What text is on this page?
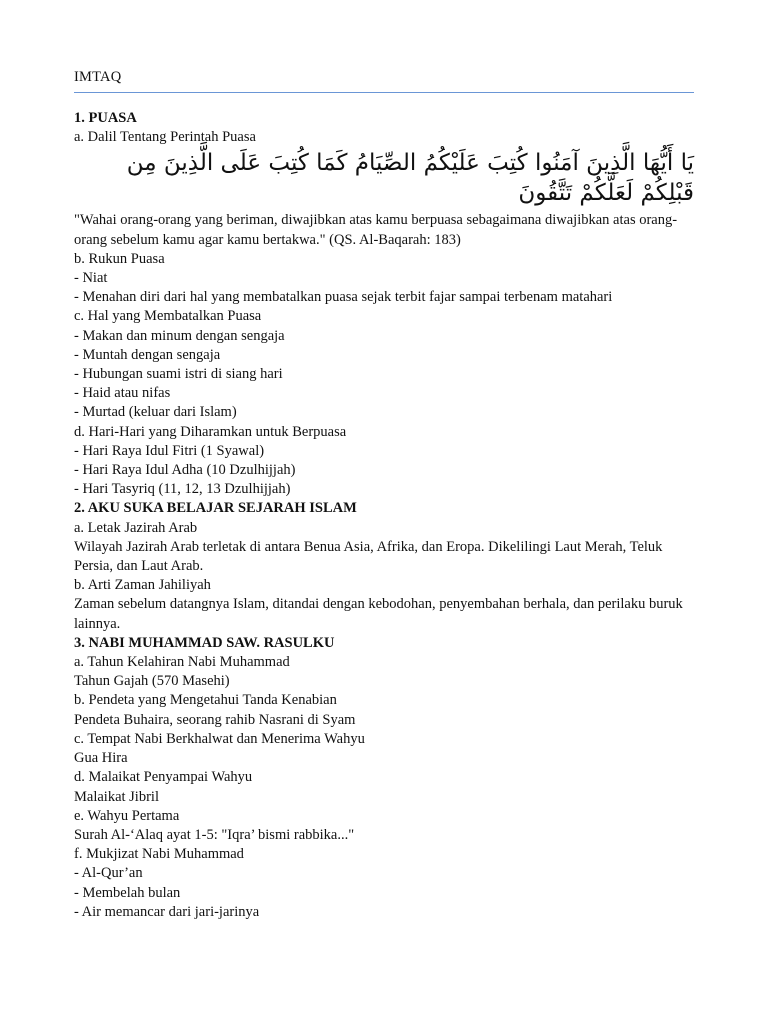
IMTAQ
1. PUASA
a. Dalil Tentang Perintah Puasa
يَا أَيُّهَا الَّذِينَ آمَنُوا كُتِبَ عَلَيْكُمُ الصِّيَامُ كَمَا كُتِبَ عَلَى الَّذِينَ مِن قَبْلِكُمْ لَعَلَّكُمْ تَتَّقُونَ
"Wahai orang-orang yang beriman, diwajibkan atas kamu berpuasa sebagaimana diwajibkan atas orang-orang sebelum kamu agar kamu bertakwa." (QS. Al-Baqarah: 183)
b. Rukun Puasa
- Niat
- Menahan diri dari hal yang membatalkan puasa sejak terbit fajar sampai terbenam matahari
c. Hal yang Membatalkan Puasa
- Makan dan minum dengan sengaja
- Muntah dengan sengaja
- Hubungan suami istri di siang hari
- Haid atau nifas
- Murtad (keluar dari Islam)
d. Hari-Hari yang Diharamkan untuk Berpuasa
- Hari Raya Idul Fitri (1 Syawal)
- Hari Raya Idul Adha (10 Dzulhijjah)
- Hari Tasyriq (11, 12, 13 Dzulhijjah)
2. AKU SUKA BELAJAR SEJARAH ISLAM
a. Letak Jazirah Arab
Wilayah Jazirah Arab terletak di antara Benua Asia, Afrika, dan Eropa. Dikelilingi Laut Merah, Teluk Persia, dan Laut Arab.
b. Arti Zaman Jahiliyah
Zaman sebelum datangnya Islam, ditandai dengan kebodohan, penyembahan berhala, dan perilaku buruk lainnya.
3. NABI MUHAMMAD SAW. RASULKU
a. Tahun Kelahiran Nabi Muhammad
Tahun Gajah (570 Masehi)
b. Pendeta yang Mengetahui Tanda Kenabian
Pendeta Buhaira, seorang rahib Nasrani di Syam
c. Tempat Nabi Berkhalwat dan Menerima Wahyu
Gua Hira
d. Malaikat Penyampai Wahyu
Malaikat Jibril
e. Wahyu Pertama
Surah Al-‘Alaq ayat 1-5: "Iqra’ bismi rabbika..."
f. Mukjizat Nabi Muhammad
- Al-Qur’an
- Membelah bulan
- Air memancar dari jari-jarinya
